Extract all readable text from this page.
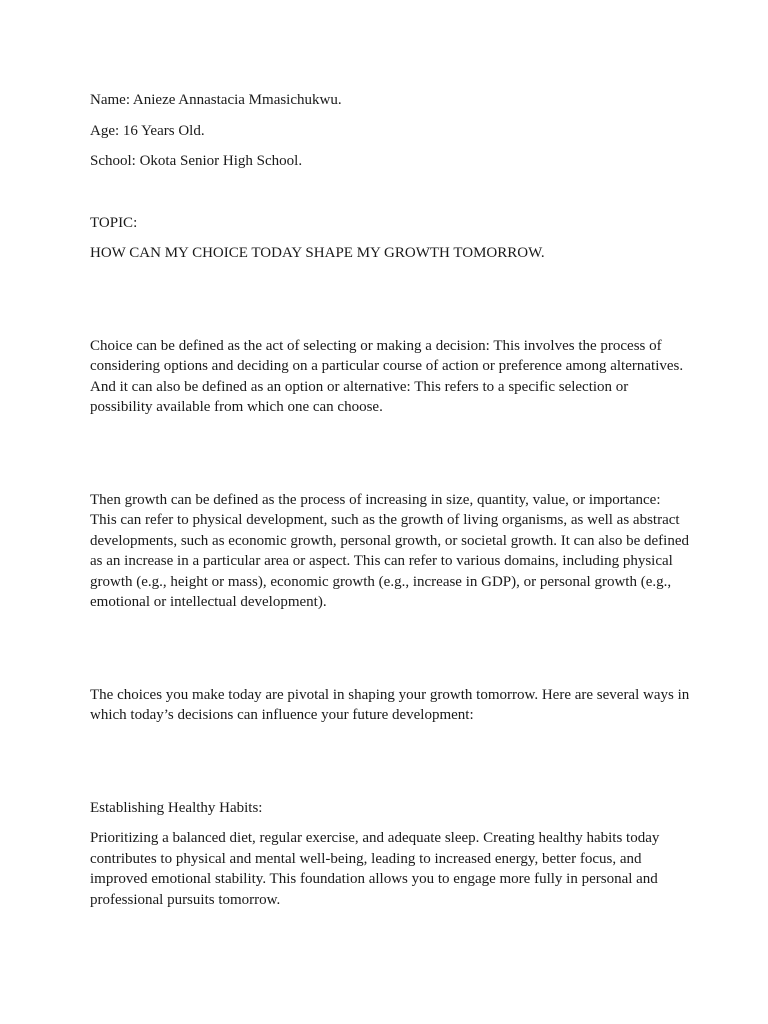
Name: Anieze Annastacia Mmasichukwu.

Age: 16 Years Old.

School: Okota Senior High School.

TOPIC:

HOW CAN MY CHOICE TODAY SHAPE MY GROWTH TOMORROW.

Choice can be defined as the act of selecting or making a decision: This involves the process of considering options and deciding on a particular course of action or preference among alternatives. And it can also be defined as an option or alternative: This refers to a specific selection or possibility available from which one can choose.

Then growth can be defined as the process of increasing in size, quantity, value, or importance: This can refer to physical development, such as the growth of living organisms, as well as abstract developments, such as economic growth, personal growth, or societal growth. It can also be defined as an increase in a particular area or aspect. This can refer to various domains, including physical growth (e.g., height or mass), economic growth (e.g., increase in GDP), or personal growth (e.g., emotional or intellectual development).

The choices you make today are pivotal in shaping your growth tomorrow. Here are several ways in which today’s decisions can influence your future development:

Establishing Healthy Habits:

Prioritizing a balanced diet, regular exercise, and adequate sleep. Creating healthy habits today contributes to physical and mental well-being, leading to increased energy, better focus, and improved emotional stability. This foundation allows you to engage more fully in personal and professional pursuits tomorrow.
